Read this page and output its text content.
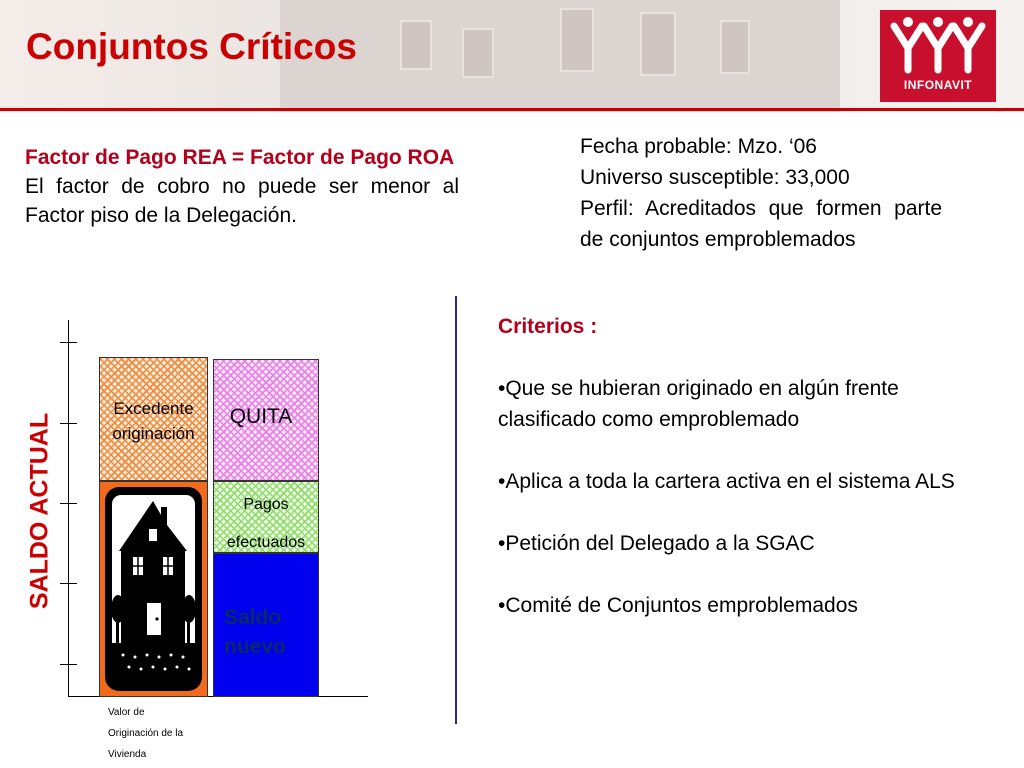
Conjuntos Críticos
INFONAVIT
Factor de Pago REA = Factor de Pago ROA
El factor de cobro no puede ser menor al Factor piso de la Delegación.
Fecha probable: Mzo. ‘06
Universo susceptible: 33,000
Perfil: Acreditados que formen parte de conjuntos emproblemados
Criterios :
•Que se hubieran originado en algún frente clasificado como emproblemado
•Aplica a toda la cartera activa en el sistema ALS
•Petición del Delegado a la SGAC
•Comité de Conjuntos emproblemados
SALDO ACTUAL
Excedente
originación
QUITA
Pagos
efectuados
Saldo
nuevo
Valor de
Originación de la
Vivienda
